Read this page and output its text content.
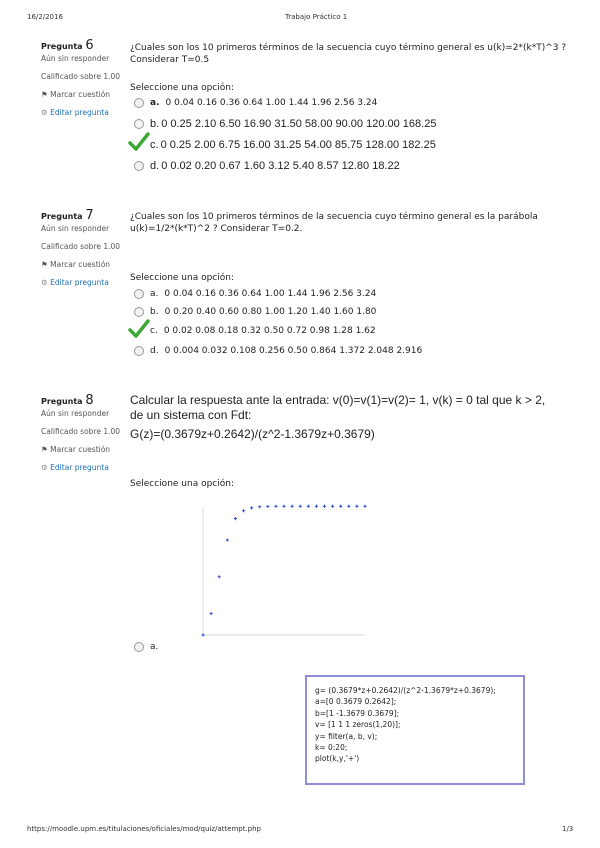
16/2/2016	Trabajo Práctico 1
Pregunta 6
Aún sin responder
Calificado sobre 1.00
⚑ Marcar cuestión
⚙ Editar pregunta
¿Cuales son los 10 primeros términos de la secuencia cuyo término general es u(k)=2*(k*T)^3 ? Considerar T=0.5
Seleccione una opción:
a. 0 0.04 0.16 0.36 0.64 1.00 1.44 1.96 2.56 3.24
b. 0 0.25 2.10 6.50 16.90 31.50 58.00 90.00 120.00 168.25
c. 0 0.25 2.00 6.75 16.00 31.25 54.00 85.75 128.00 182.25
d. 0 0.02 0.20 0.67 1.60 3.12 5.40 8.57 12.80 18.22
Pregunta 7
Aún sin responder
Calificado sobre 1.00
⚑ Marcar cuestión
⚙ Editar pregunta
¿Cuales son los 10 primeros términos de la secuencia cuyo término general es la parábola u(k)=1/2*(k*T)^2 ? Considerar T=0.2.
Seleccione una opción:
a. 0 0.04 0.16 0.36 0.64 1.00 1.44 1.96 2.56 3.24
b. 0 0.20 0.40 0.60 0.80 1.00 1.20 1.40 1.60 1.80
c. 0 0.02 0.08 0.18 0.32 0.50 0.72 0.98 1.28 1.62
d. 0 0.004 0.032 0.108 0.256 0.50 0.864 1.372 2.048 2.916
Pregunta 8
Aún sin responder
Calificado sobre 1.00
⚑ Marcar cuestión
⚙ Editar pregunta
Calcular la respuesta ante la entrada: v(0)=v(1)=v(2)= 1, v(k) = 0 tal que k > 2, de un sistema con Fdt:
G(z)=(0.3679z+0.2642)/(z^2-1.3679z+0.3679)
Seleccione una opción:
a.
g= (0.3679*z+0.2642)/(z^2-1.3679*z+0.3679);
a=[0 0.3679 0.2642];
b=[1 -1.3679 0.3679];
v= [1 1 1 zeros(1,20)];
y= filter(a, b, v);
k= 0:20;
plot(k,y,'+')
https://moodle.upm.es/titulaciones/oficiales/mod/quiz/attempt.php	1/3
